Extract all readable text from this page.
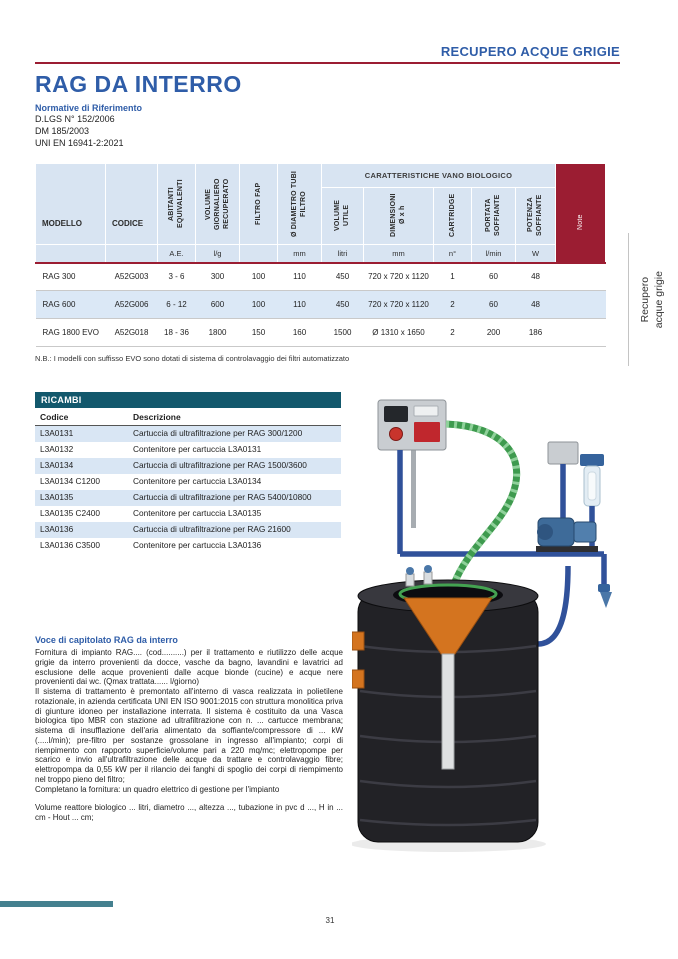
RECUPERO ACQUE GRIGIE
RAG DA INTERRO
Normative di Riferimento
D.LGS N° 152/2006
DM 185/2003
UNI EN 16941-2:2021
MODELLO	CODICE	ABITANTI EQUIVALENTI	VOLUME GIORNALIERO RECUPERATO	FILTRO FAP	Ø DIAMETRO TUBI FILTRO	CARATTERISTICHE VANO BIOLOGICO					Note
						VOLUME UTILE	DIMENSIONI Ø x h	CARTRIDGE	PORTATA SOFFIANTE	POTENZA SOFFIANTE	
		A.E.	l/g		mm	litri	mm	n°	l/min	W	
RAG 300	A52G003	3 - 6	300	100	110	450	720 x 720 x 1120	1	60	48	
RAG 600	A52G006	6 - 12	600	100	110	450	720 x 720 x 1120	2	60	48	
RAG 1800 EVO	A52G018	18 - 36	1800	150	160	1500	Ø 1310 x 1650	2	200	186	
N.B.: I modelli con suffisso EVO sono dotati di sistema di controlavaggio dei filtri automatizzato
RICAMBI
Codice	Descrizione
L3A0131	Cartuccia di ultrafiltrazione per RAG 300/1200
L3A0132	Contenitore per cartuccia L3A0131
L3A0134	Cartuccia di ultrafiltrazione per RAG 1500/3600
L3A0134 C1200	Contenitore per cartuccia L3A0134
L3A0135	Cartuccia di ultrafiltrazione per RAG 5400/10800
L3A0135 C2400	Contenitore per cartuccia L3A0135
L3A0136	Cartuccia di ultrafiltrazione per RAG 21600
L3A0136 C3500	Contenitore per cartuccia L3A0136
Voce di capitolato RAG da interro

Fornitura di impianto RAG.... (cod..........) per il trattamento e riutilizzo delle acque grigie da interro provenienti da docce, vasche da bagno, lavandini e lavatrici ad esclusione delle acque provenienti dalle acque bionde (cucine) e acque nere provenienti dai wc. (Qmax trattata...... l/giorno)

Il sistema di trattamento è premontato all'interno di vasca realizzata in polietilene rotazionale, in azienda certificata UNI EN ISO 9001:2015 con struttura monolitica priva di giunture idoneo per installazione interrata. Il sistema è costituito da una Vasca biologica tipo MBR con stazione ad ultrafiltrazione con n. ... cartucce membrana; sistema di insufflazione dell'aria alimentato da soffiante/compressore di ... kW (.....l/min); pre-filtro per sostanze grossolane in ingresso all'impianto; corpi di riempimento con rapporto superficie/volume pari a 220 mq/mc; elettropompe per scarico e invio all'ultrafiltrazione delle acque da trattare e controlavaggio fibre; elettropompa da 0,55 kW per il rilancio dei fanghi di spoglio dei corpi di riempimento nel troppo pieno del filtro;

Completano la fornitura: un quadro elettrico di gestione per l'impianto

Volume reattore biologico ... litri, diametro ..., altezza ..., tubazione in pvc d ..., H in ... cm - Hout ... cm;

Recupero acque grigie
31
